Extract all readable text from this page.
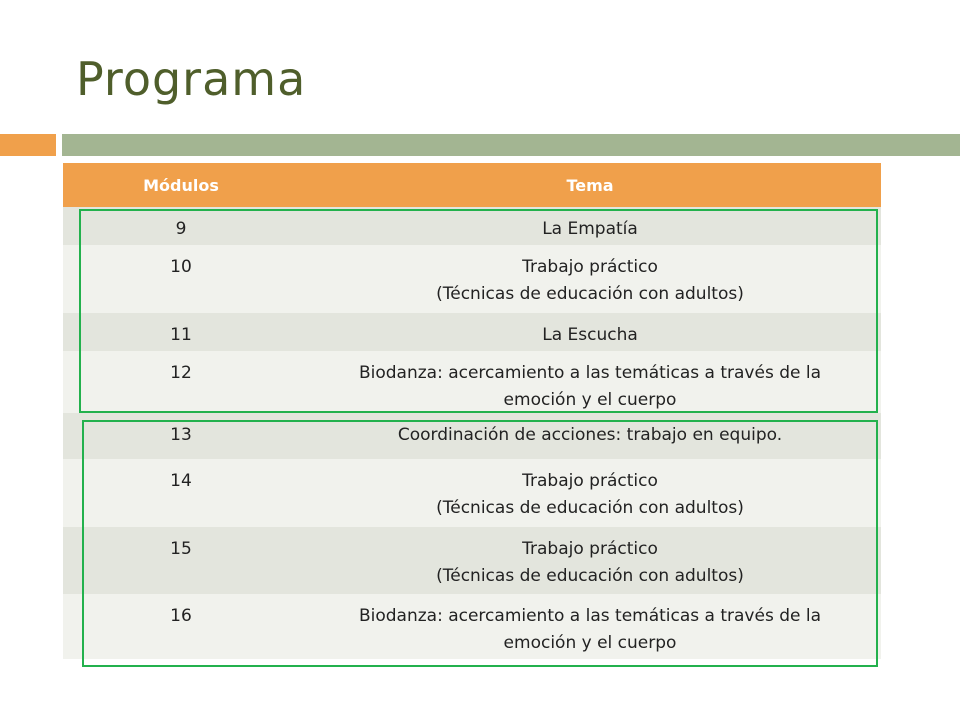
Programa
Módulos	Tema
9	La Empatía
10	Trabajo práctico
(Técnicas de educación con adultos)
11	La Escucha
12	Biodanza: acercamiento a las temáticas a través de la
emoción y el cuerpo
13	Coordinación de acciones: trabajo en equipo.
14	Trabajo práctico
(Técnicas de educación con adultos)
15	Trabajo práctico
(Técnicas de educación con adultos)
16	Biodanza: acercamiento a las temáticas a través de la
emoción y el cuerpo
